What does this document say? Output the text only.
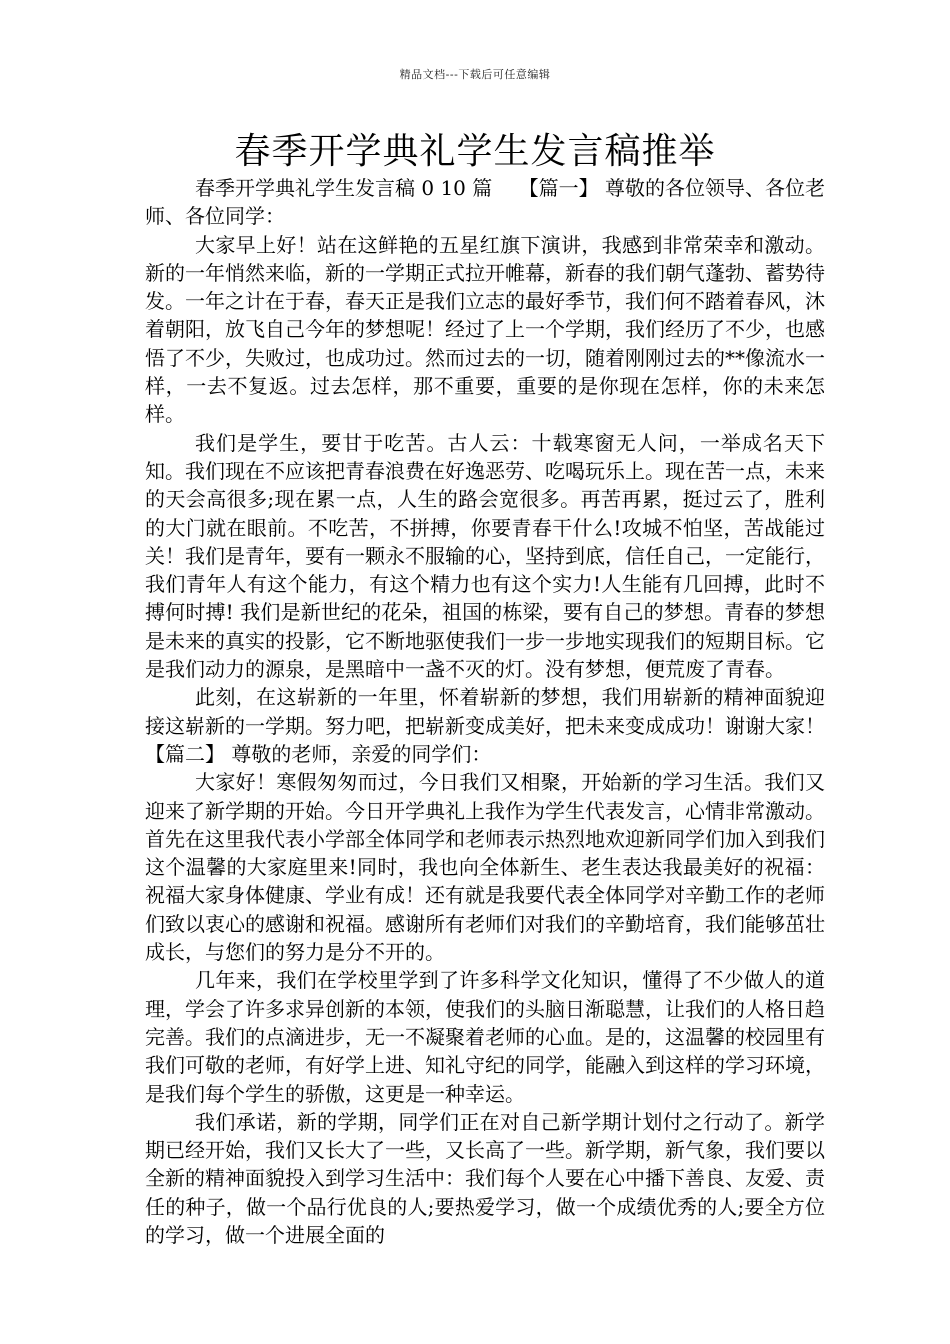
精品文档---下载后可任意编辑
春季开学典礼学生发言稿推举

春季开学典礼学生发言稿 0 10 篇　 【篇一】 尊敬的各位领导、各位老师、各位同学：

大家早上好！站在这鲜艳的五星红旗下演讲，我感到非常荣幸和激动。新的一年悄然来临，新的一学期正式拉开帷幕，新春的我们朝气蓬勃、蓄势待发。一年之计在于春，春天正是我们立志的最好季节，我们何不踏着春风，沐着朝阳，放飞自己今年的梦想呢！经过了上一个学期，我们经历了不少，也感悟了不少，失败过，也成功过。然而过去的一切，随着刚刚过去的**像流水一样，一去不复返。过去怎样，那不重要，重要的是你现在怎样，你的未来怎样。

我们是学生，要甘于吃苦。古人云：十载寒窗无人问，一举成名天下知。我们现在不应该把青春浪费在好逸恶劳、吃喝玩乐上。现在苦一点，未来的天会高很多;现在累一点，人生的路会宽很多。再苦再累，挺过云了，胜利的大门就在眼前。不吃苦，不拼搏，你要青春干什么!攻城不怕坚，苦战能过关！我们是青年，要有一颗永不服输的心，坚持到底，信任自己，一定能行，我们青年人有这个能力，有这个精力也有这个实力!人生能有几回搏，此时不搏何时搏! 我们是新世纪的花朵，祖国的栋梁，要有自己的梦想。青春的梦想是未来的真实的投影，它不断地驱使我们一步一步地实现我们的短期目标。它是我们动力的源泉，是黑暗中一盏不灭的灯。没有梦想，便荒废了青春。

此刻，在这崭新的一年里，怀着崭新的梦想，我们用崭新的精神面貌迎接这崭新的一学期。努力吧，把崭新变成美好，把未来变成成功！谢谢大家！【篇二】 尊敬的老师，亲爱的同学们：

大家好！寒假匆匆而过，今日我们又相聚，开始新的学习生活。我们又迎来了新学期的开始。今日开学典礼上我作为学生代表发言，心情非常激动。首先在这里我代表小学部全体同学和老师表示热烈地欢迎新同学们加入到我们这个温馨的大家庭里来!同时，我也向全体新生、老生表达我最美好的祝福：祝福大家身体健康、学业有成！还有就是我要代表全体同学对辛勤工作的老师们致以衷心的感谢和祝福。感谢所有老师们对我们的辛勤培育，我们能够茁壮成长，与您们的努力是分不开的。

几年来，我们在学校里学到了许多科学文化知识，懂得了不少做人的道理，学会了许多求异创新的本领，使我们的头脑日渐聪慧，让我们的人格日趋完善。我们的点滴进步，无一不凝聚着老师的心血。是的，这温馨的校园里有我们可敬的老师，有好学上进、知礼守纪的同学，能融入到这样的学习环境，是我们每个学生的骄傲，这更是一种幸运。

我们承诺，新的学期，同学们正在对自己新学期计划付之行动了。新学期已经开始，我们又长大了一些，又长高了一些。新学期，新气象，我们要以全新的精神面貌投入到学习生活中：我们每个人要在心中播下善良、友爱、责任的种子，做一个品行优良的人;要热爱学习，做一个成绩优秀的人;要全方位的学习，做一个进展全面的
